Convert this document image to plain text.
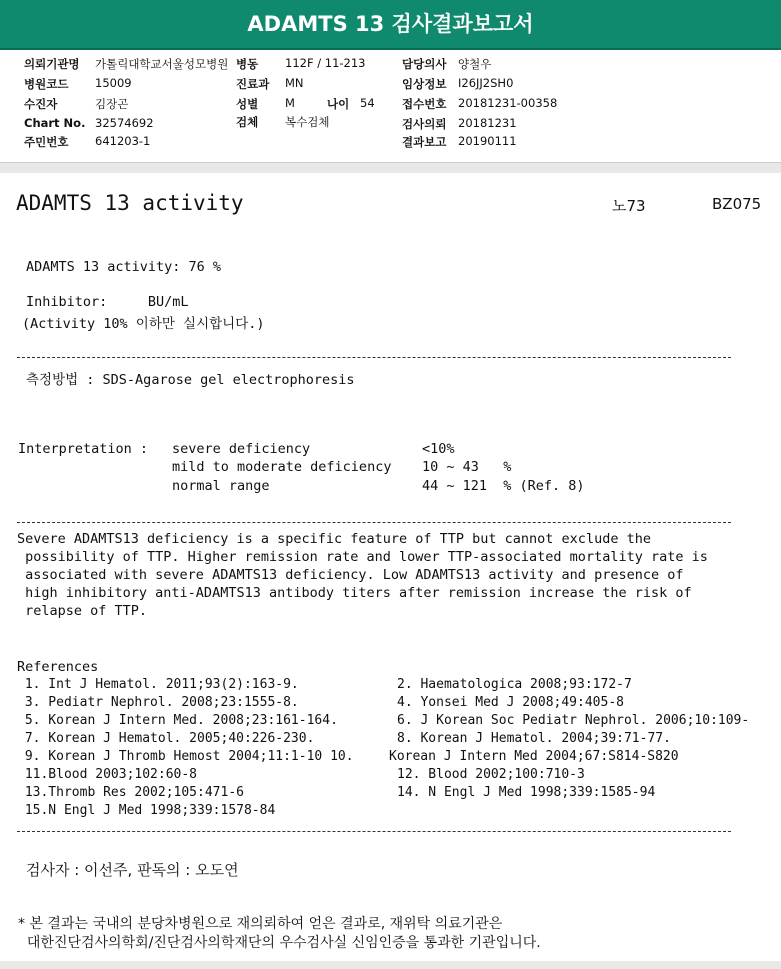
ADAMTS 13 검사결과보고서
의뢰기관명 가톨릭대학교서울성모병원
병원코드 15009
수진자	김장곤
Chart No. 32574692
주민번호 641203-1
병동 112F / 11-213
진료과 MN
성별 M	나이 54
검체 복수검체
담당의사 양철우
임상정보 I26JJ2SH0
접수번호 20181231-00358
검사의뢰 20181231
결과보고 20190111
ADAMTS 13 activity	노73	BZ075
ADAMTS 13 activity: 76 %
Inhibitor:     BU/mL
(Activity 10% 이하만 실시합니다.)
측정방법 : SDS-Agarose gel electrophoresis
Interpretation : severe deficiency	<10%
mild to moderate deficiency 10 ~ 43   %
normal range	44 ~ 121  % (Ref. 8)
Severe ADAMTS13 deficiency is a specific feature of TTP but cannot exclude the
possibility of TTP. Higher remission rate and lower TTP-associated mortality rate is
associated with severe ADAMTS13 deficiency. Low ADAMTS13 activity and presence of
high inhibitory anti-ADAMTS13 antibody titers after remission increase the risk of
relapse of TTP.
References
1. Int J Hematol. 2011;93(2):163-9.
3. Pediatr Nephrol. 2008;23:1555-8.
5. Korean J Intern Med. 2008;23:161-164.
7. Korean J Hematol. 2005;40:226-230.
9. Korean J Thromb Hemost 2004;11:1-10 10.
11.Blood 2003;102:60-8
13.Thromb Res 2002;105:471-6
15.N Engl J Med 1998;339:1578-84
2. Haematologica 2008;93:172-7
4. Yonsei Med J 2008;49:405-8
6. J Korean Soc Pediatr Nephrol. 2006;10:109-
8. Korean J Hematol. 2004;39:71-77.
Korean J Intern Med 2004;67:S814-S820
12. Blood 2002;100:710-3
14. N Engl J Med 1998;339:1585-94
검사자 : 이선주, 판독의 : 오도연
* 본 결과는 국내의 분당차병원으로 재의뢰하여 얻은 결과로, 재위탁 의료기관은
대한진단검사의학회/진단검사의학재단의 우수검사실 신임인증을 통과한 기관입니다.
